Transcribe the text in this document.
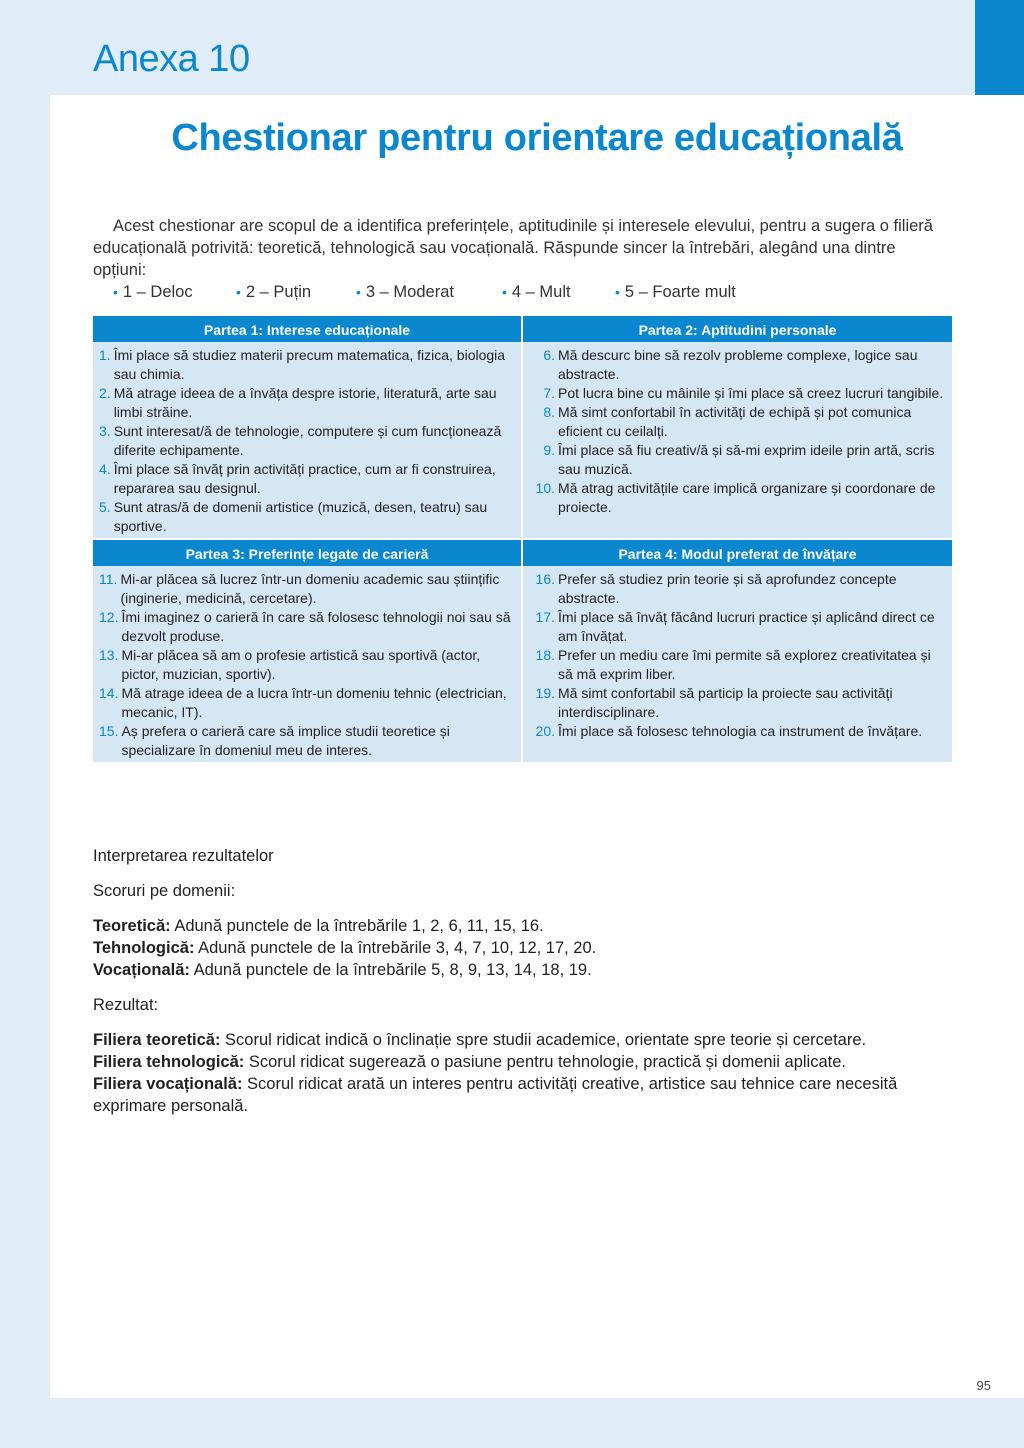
Anexa 10
Chestionar pentru orientare educațională

Acest chestionar are scopul de a identifica preferințele, aptitudinile și interesele elevului, pentru a sugera o filieră educațională potrivită: teoretică, tehnologică sau vocațională. Răspunde sincer la întrebări, alegând una dintre opțiuni:

• 1 – Deloc	• 2 – Puțin	• 3 – Moderat	• 4 – Mult	• 5 – Foarte mult
Partea 1: Interese educaționale
1. Îmi place să studiez materii precum matematica, fizica, biologia sau chimia.
2. Mă atrage ideea de a învăța despre istorie, literatură, arte sau limbi străine.
3. Sunt interesat/ă de tehnologie, computere și cum funcționează diferite echipamente.
4. Îmi place să învăț prin activități practice, cum ar fi construirea, repararea sau designul.
5. Sunt atras/ă de domenii artistice (muzică, desen, teatru) sau sportive.
Partea 2: Aptitudini personale
6. Mă descurc bine să rezolv probleme complexe, logice sau abstracte.
7. Pot lucra bine cu mâinile și îmi place să creez lucruri tangibile.
8. Mă simt confortabil în activități de echipă și pot comunica eficient cu ceilalți.
9. Îmi place să fiu creativ/ă și să-mi exprim ideile prin artă, scris sau muzică.
10. Mă atrag activitățile care implică organizare și coordonare de proiecte.
Partea 3: Preferințe legate de carieră
11. Mi-ar plăcea să lucrez într-un domeniu academic sau științific (inginerie, medicină, cercetare).
12. Îmi imaginez o carieră în care să folosesc tehnologii noi sau să dezvolt produse.
13. Mi-ar plăcea să am o profesie artistică sau sportivă (actor, pictor, muzician, sportiv).
14. Mă atrage ideea de a lucra într-un domeniu tehnic (electrician, mecanic, IT).
15. Aș prefera o carieră care să implice studii teoretice și specializare în domeniul meu de interes.
Partea 4: Modul preferat de învățare
16. Prefer să studiez prin teorie și să aprofundez concepte abstracte.
17. Îmi place să învăț făcând lucruri practice și aplicând direct ce am învățat.
18. Prefer un mediu care îmi permite să explorez creativitatea și să mă exprim liber.
19. Mă simt confortabil să particip la proiecte sau activități interdisciplinare.
20. Îmi place să folosesc tehnologia ca instrument de învățare.
Interpretarea rezultatelor
Scoruri pe domenii:
Teoretică: Adună punctele de la întrebările 1, 2, 6, 11, 15, 16.
Tehnologică: Adună punctele de la întrebările 3, 4, 7, 10, 12, 17, 20.
Vocațională: Adună punctele de la întrebările 5, 8, 9, 13, 14, 18, 19.
Rezultat:
Filiera teoretică: Scorul ridicat indică o înclinație spre studii academice, orientate spre teorie și cercetare.
Filiera tehnologică: Scorul ridicat sugerează o pasiune pentru tehnologie, practică și domenii aplicate.
Filiera vocațională: Scorul ridicat arată un interes pentru activități creative, artistice sau tehnice care necesită exprimare personală.
95
